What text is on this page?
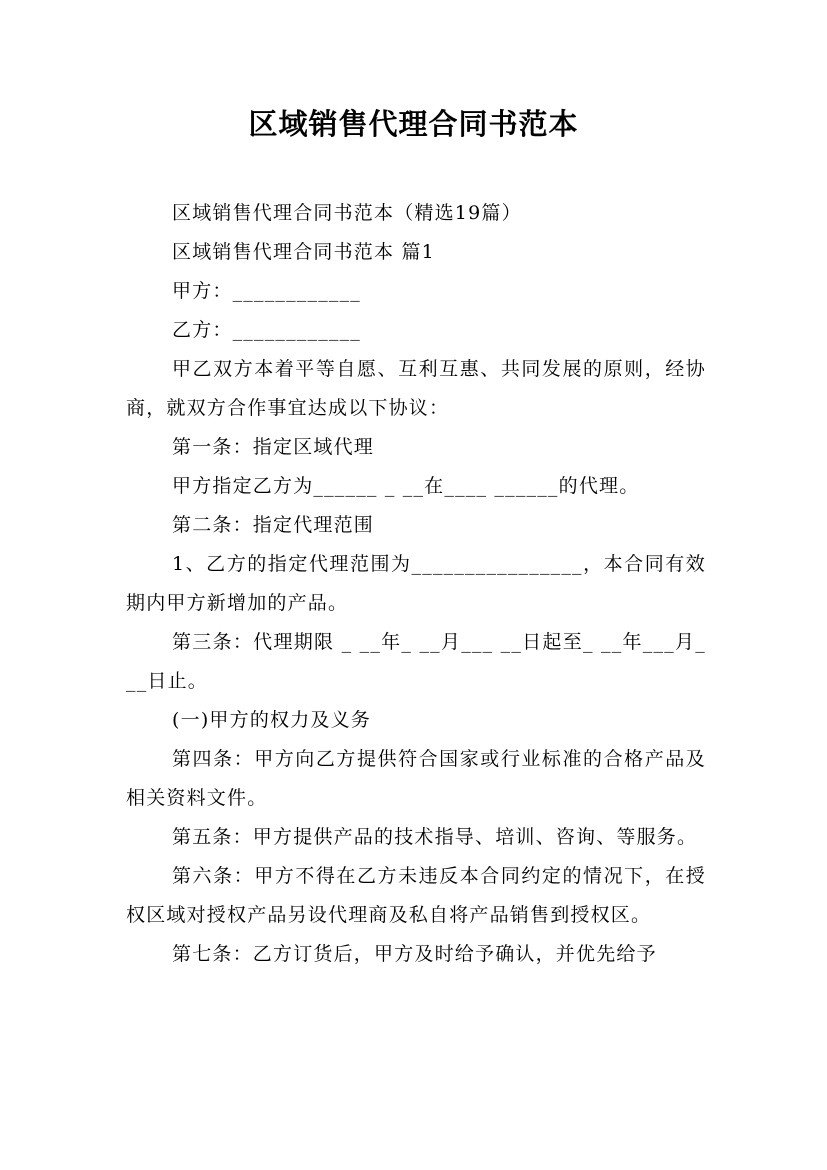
区域销售代理合同书范本

区域销售代理合同书范本（精选19篇）

区域销售代理合同书范本 篇1

甲方：____________

乙方：____________

甲乙双方本着平等自愿、互利互惠、共同发展的原则，经协商，就双方合作事宜达成以下协议：

第一条：指定区域代理

甲方指定乙方为______ _ __在____ ______的代理。

第二条：指定代理范围

1、乙方的指定代理范围为________________，本合同有效期内甲方新增加的产品。

第三条：代理期限 _ __年_ __月___ __日起至_ __年___月_ __日止。

(一)甲方的权力及义务

第四条：甲方向乙方提供符合国家或行业标准的合格产品及相关资料文件。

第五条：甲方提供产品的技术指导、培训、咨询、等服务。

第六条：甲方不得在乙方未违反本合同约定的情况下，在授权区域对授权产品另设代理商及私自将产品销售到授权区。

第七条：乙方订货后，甲方及时给予确认，并优先给予
